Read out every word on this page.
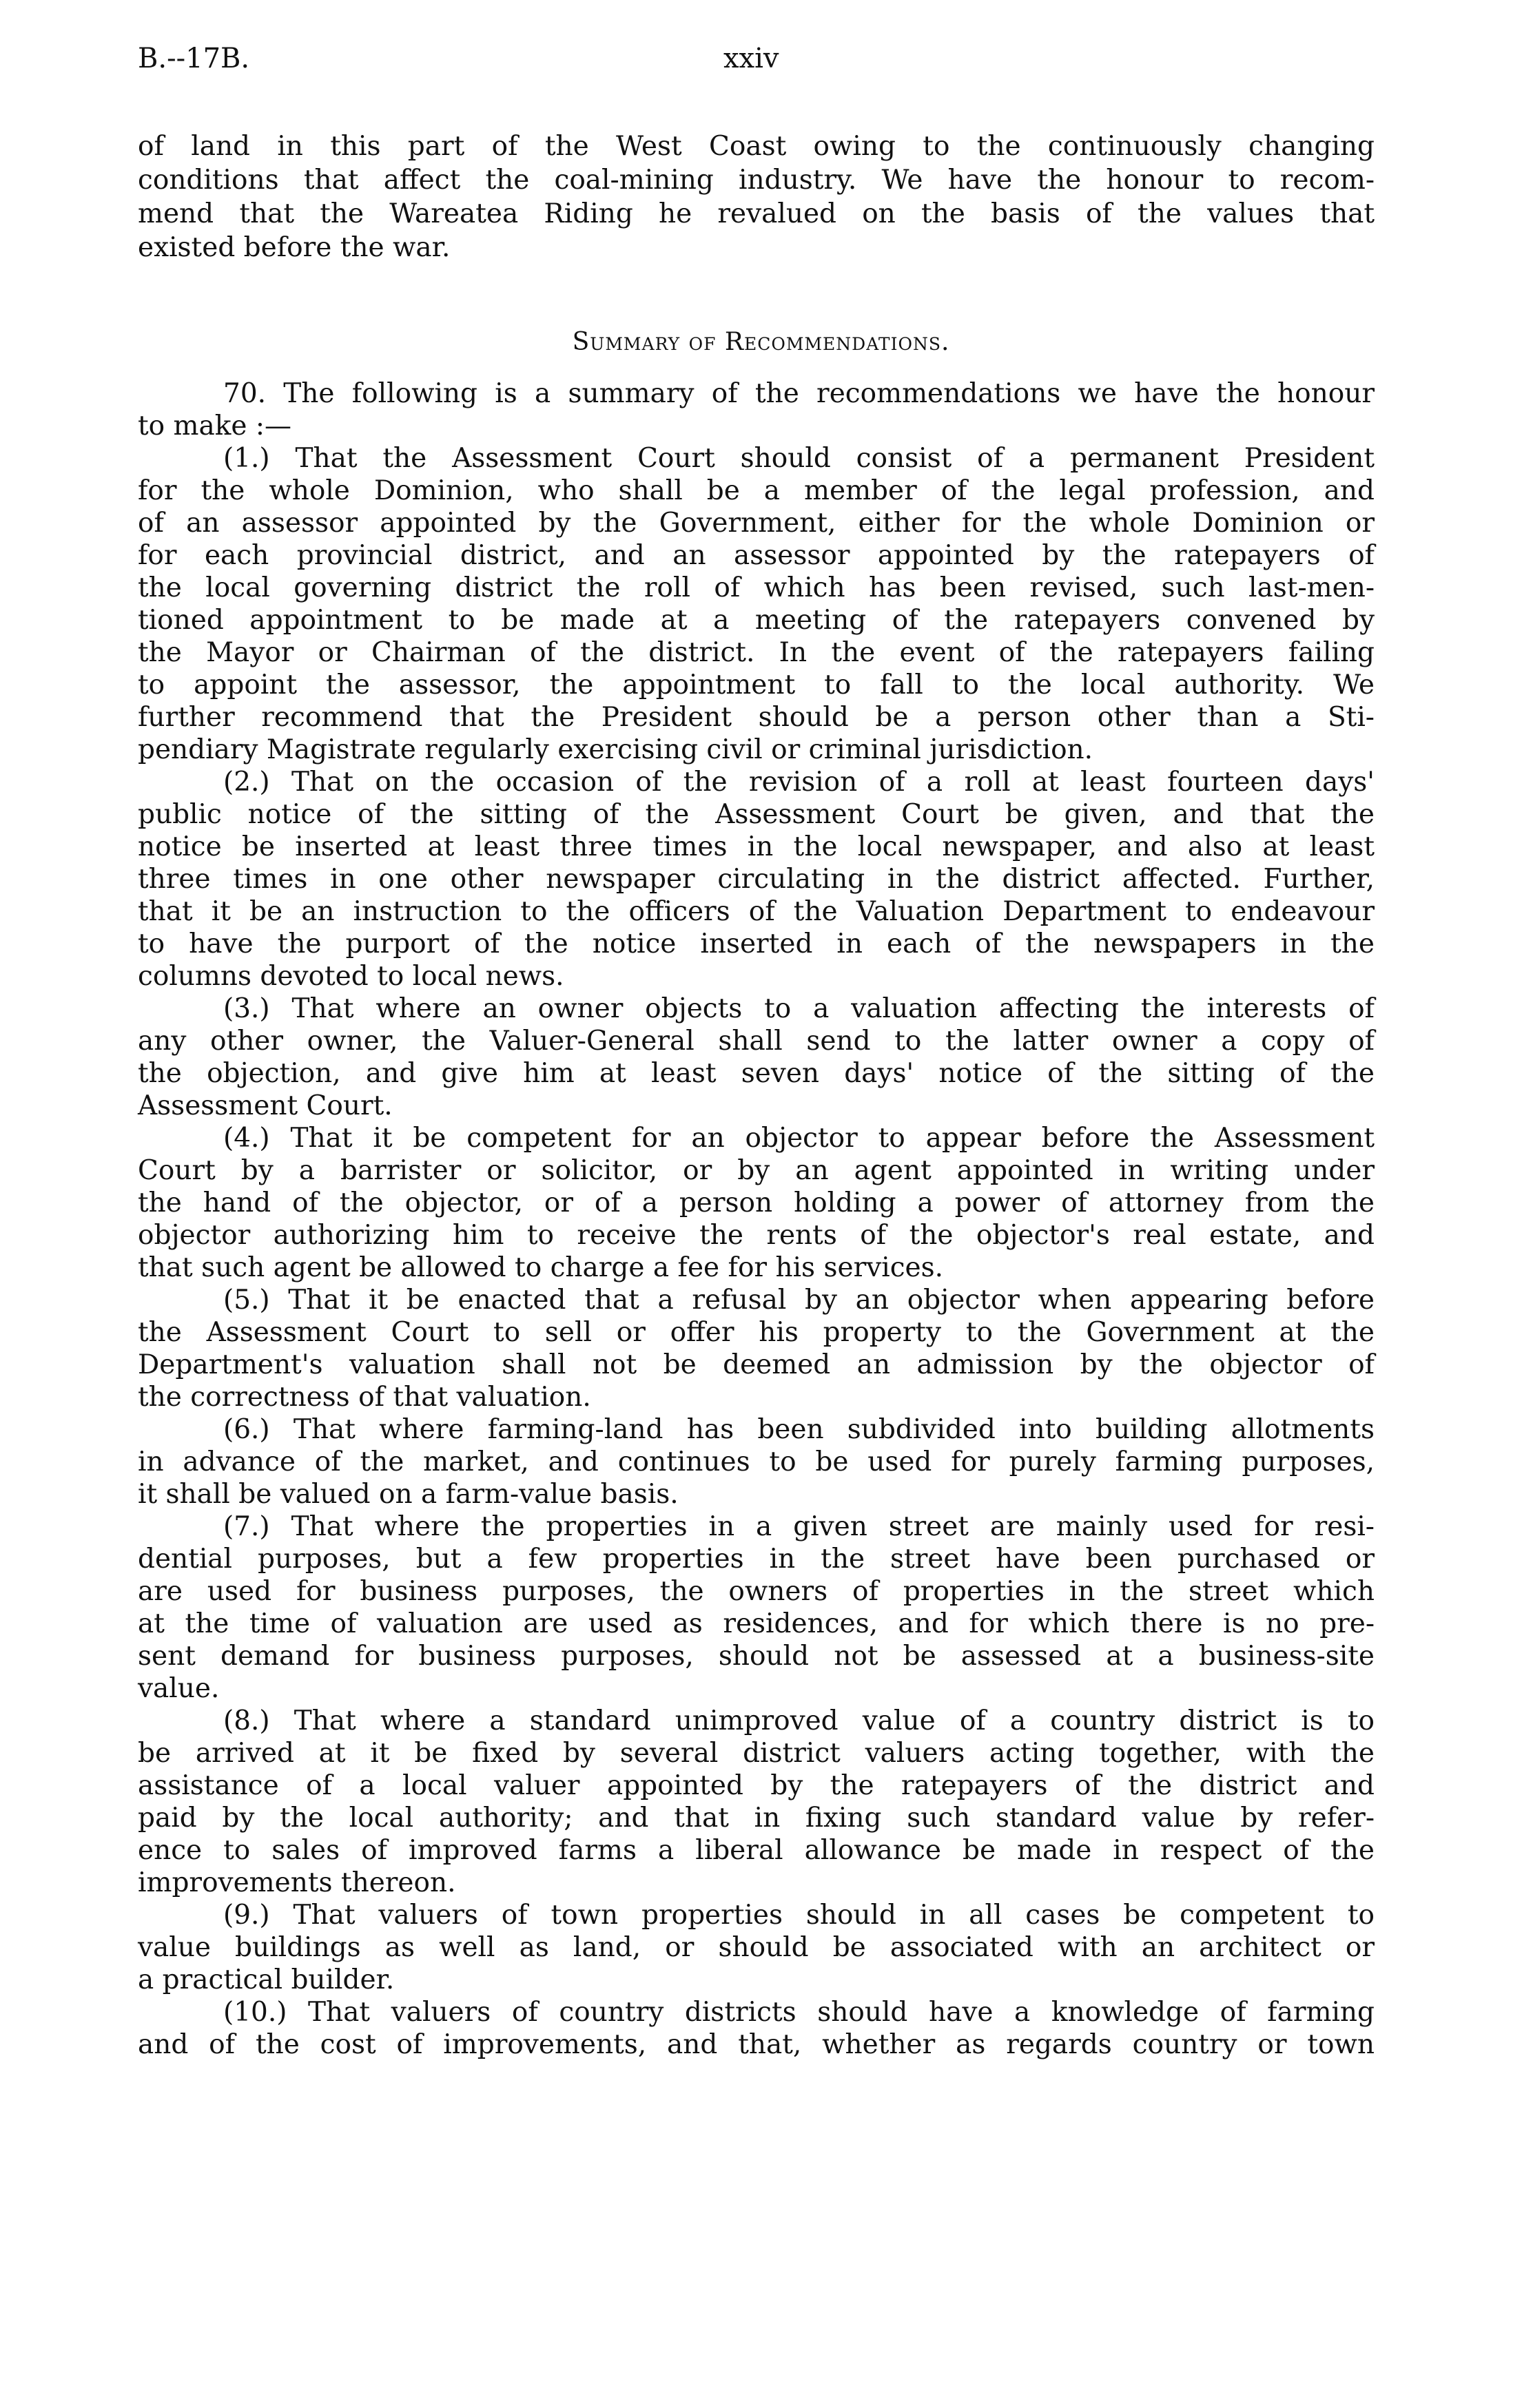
B.--17B.	xxiv
of land in this part of the West Coast owing to the continuously changing
conditions that affect the coal-mining industry. We have the honour to recom-
mend that the Wareatea Riding he revalued on the basis of the values that
existed before the war.
Summary of Recommendations.
70. The following is a summary of the recommendations we have the honour
to make :—
(1.) That the Assessment Court should consist of a permanent President
for the whole Dominion, who shall be a member of the legal profession, and
of an assessor appointed by the Government, either for the whole Dominion or
for each provincial district, and an assessor appointed by the ratepayers of
the local governing district the roll of which has been revised, such last-men-
tioned appointment to be made at a meeting of the ratepayers convened by
the Mayor or Chairman of the district. In the event of the ratepayers failing
to appoint the assessor, the appointment to fall to the local authority. We
further recommend that the President should be a person other than a Sti-
pendiary Magistrate regularly exercising civil or criminal jurisdiction.
(2.) That on the occasion of the revision of a roll at least fourteen days'
public notice of the sitting of the Assessment Court be given, and that the
notice be inserted at least three times in the local newspaper, and also at least
three times in one other newspaper circulating in the district affected. Further,
that it be an instruction to the officers of the Valuation Department to endeavour
to have the purport of the notice inserted in each of the newspapers in the
columns devoted to local news.
(3.) That where an owner objects to a valuation affecting the interests of
any other owner, the Valuer-General shall send to the latter owner a copy of
the objection, and give him at least seven days' notice of the sitting of the
Assessment Court.
(4.) That it be competent for an objector to appear before the Assessment
Court by a barrister or solicitor, or by an agent appointed in writing under
the hand of the objector, or of a person holding a power of attorney from the
objector authorizing him to receive the rents of the objector's real estate, and
that such agent be allowed to charge a fee for his services.
(5.) That it be enacted that a refusal by an objector when appearing before
the Assessment Court to sell or offer his property to the Government at the
Department's valuation shall not be deemed an admission by the objector of
the correctness of that valuation.
(6.) That where farming-land has been subdivided into building allotments
in advance of the market, and continues to be used for purely farming purposes,
it shall be valued on a farm-value basis.
(7.) That where the properties in a given street are mainly used for resi-
dential purposes, but a few properties in the street have been purchased or
are used for business purposes, the owners of properties in the street which
at the time of valuation are used as residences, and for which there is no pre-
sent demand for business purposes, should not be assessed at a business-site
value.
(8.) That where a standard unimproved value of a country district is to
be arrived at it be fixed by several district valuers acting together, with the
assistance of a local valuer appointed by the ratepayers of the district and
paid by the local authority; and that in fixing such standard value by refer-
ence to sales of improved farms a liberal allowance be made in respect of the
improvements thereon.
(9.) That valuers of town properties should in all cases be competent to
value buildings as well as land, or should be associated with an architect or
a practical builder.
(10.) That valuers of country districts should have a knowledge of farming
and of the cost of improvements, and that, whether as regards country or town
